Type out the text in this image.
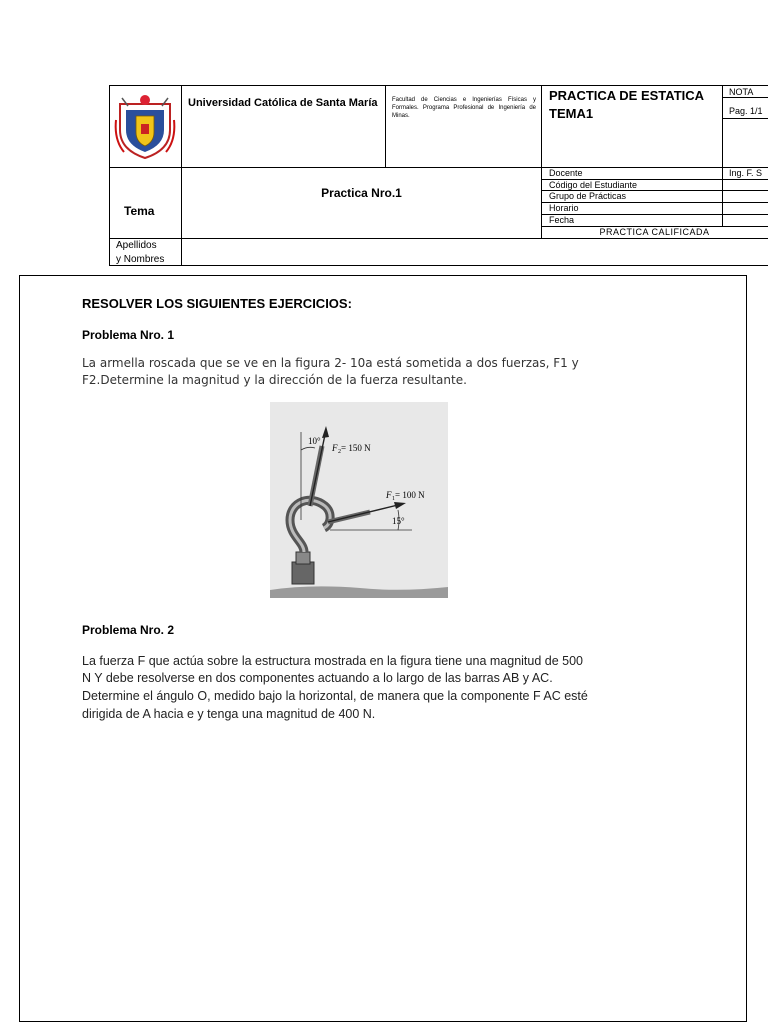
Universidad Católica de Santa María Facultad de Ciencias e Ingenierías Físicas y Formales. Programa Profesional de Ingeniería de Minas.
PRACTICA DE ESTATICA TEMA1
NOTA
Pag. 1/1
Tema
Practica Nro.1
Docente	Ing. F. S
Código del Estudiante
Grupo de Prácticas
Horario
Fecha
PRACTICA CALIFICADA
Apellidos
y Nombres
RESOLVER LOS SIGUIENTES EJERCICIOS:
Problema Nro. 1
La armella roscada que se ve en la figura 2- 10a está sometida a dos fuerzas, F1 y
F2.Determine la magnitud y la dirección de la fuerza resultante.
10°
F 2 = 150 N
F 1 = 100 N
15°
Problema Nro. 2
La fuerza F que actúa sobre la estructura mostrada en la figura tiene una magnitud de 500
N Y debe resolverse en dos componentes actuando a lo largo de las barras AB y AC.
Determine el ángulo O, medido bajo la horizontal, de manera que la componente F AC esté
dirigida de A hacia e y tenga una magnitud de 400 N.
